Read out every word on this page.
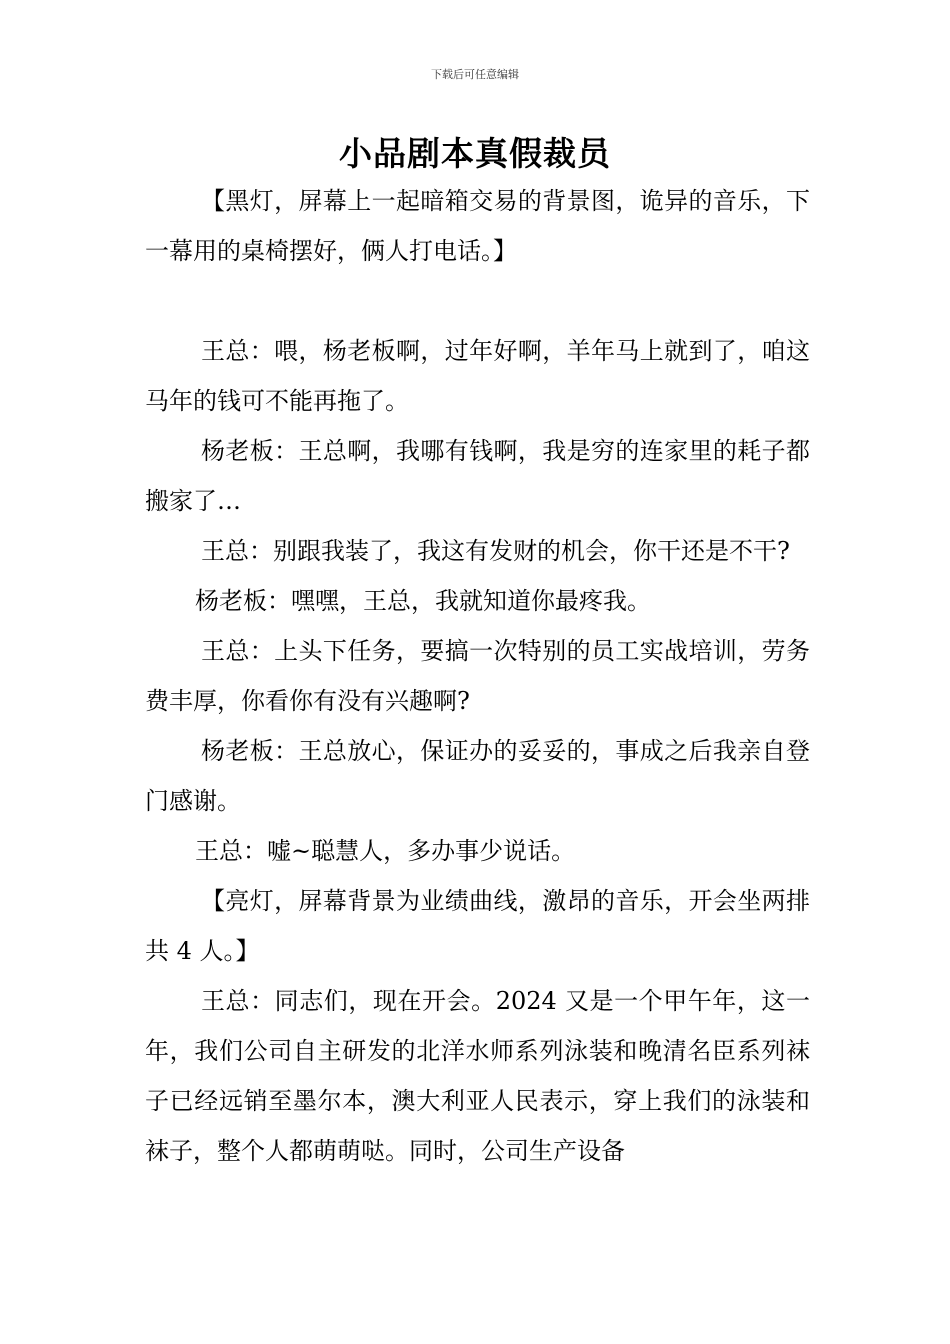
下载后可任意编辑
小品剧本真假裁员

【黑灯，屏幕上一起暗箱交易的背景图，诡异的音乐，下一幕用的桌椅摆好，俩人打电话。】

王总：喂，杨老板啊，过年好啊，羊年马上就到了，咱这马年的钱可不能再拖了。

杨老板：王总啊，我哪有钱啊，我是穷的连家里的耗子都搬家了…

王总：别跟我装了，我这有发财的机会，你干还是不干?

杨老板：嘿嘿，王总，我就知道你最疼我。

王总：上头下任务，要搞一次特别的员工实战培训，劳务费丰厚，你看你有没有兴趣啊?

杨老板：王总放心，保证办的妥妥的，事成之后我亲自登门感谢。

王总：嘘~聪慧人，多办事少说话。

【亮灯，屏幕背景为业绩曲线，激昂的音乐，开会坐两排共 4 人。】

王总：同志们，现在开会。2024 又是一个甲午年，这一年，我们公司自主研发的北洋水师系列泳装和晚清名臣系列袜子已经远销至墨尔本，澳大利亚人民表示，穿上我们的泳装和袜子，整个人都萌萌哒。同时，公司生产设备
